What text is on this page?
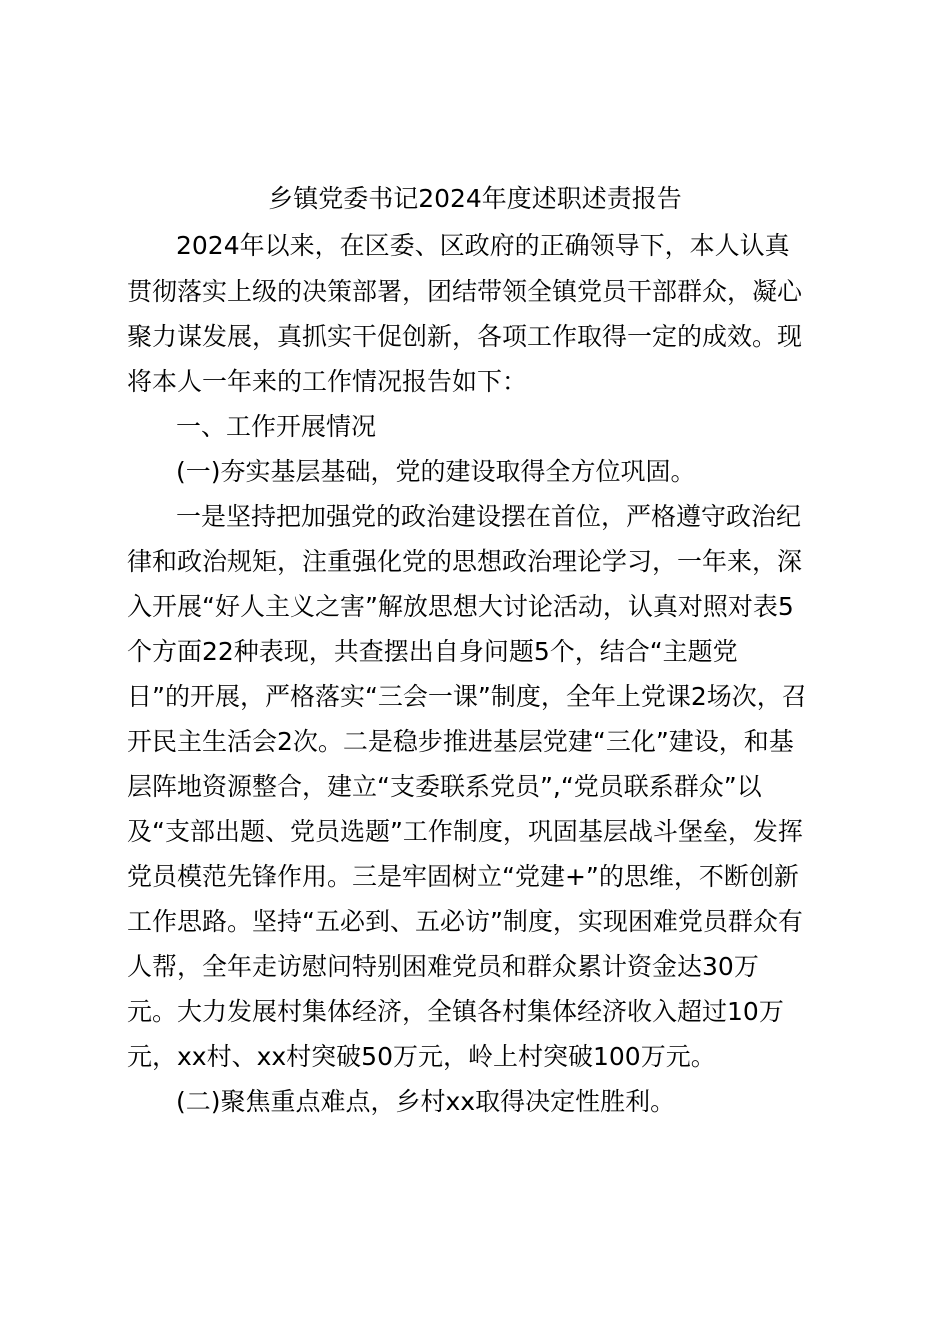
乡镇党委书记2024年度述职述责报告
2024年以来，在区委、区政府的正确领导下，本人认真
贯彻落实上级的决策部署，团结带领全镇党员干部群众，凝心
聚力谋发展，真抓实干促创新，各项工作取得一定的成效。现
将本人一年来的工作情况报告如下：
一、工作开展情况
(一)夯实基层基础，党的建设取得全方位巩固。
一是坚持把加强党的政治建设摆在首位，严格遵守政治纪
律和政治规矩，注重强化党的思想政治理论学习，一年来，深
入开展“好人主义之害”解放思想大讨论活动，认真对照对表5
个方面22种表现，共查摆出自身问题5个，结合“主题党
日”的开展，严格落实“三会一课”制度，全年上党课2场次，召
开民主生活会2次。二是稳步推进基层党建“三化”建设，和基
层阵地资源整合，建立“支委联系党员”,“党员联系群众”以
及“支部出题、党员选题”工作制度，巩固基层战斗堡垒，发挥
党员模范先锋作用。三是牢固树立“党建+”的思维，不断创新
工作思路。坚持“五必到、五必访”制度，实现困难党员群众有
人帮，全年走访慰问特别困难党员和群众累计资金达30万
元。大力发展村集体经济，全镇各村集体经济收入超过10万
元，xx村、xx村突破50万元，岭上村突破100万元。
(二)聚焦重点难点，乡村xx取得决定性胜利。
